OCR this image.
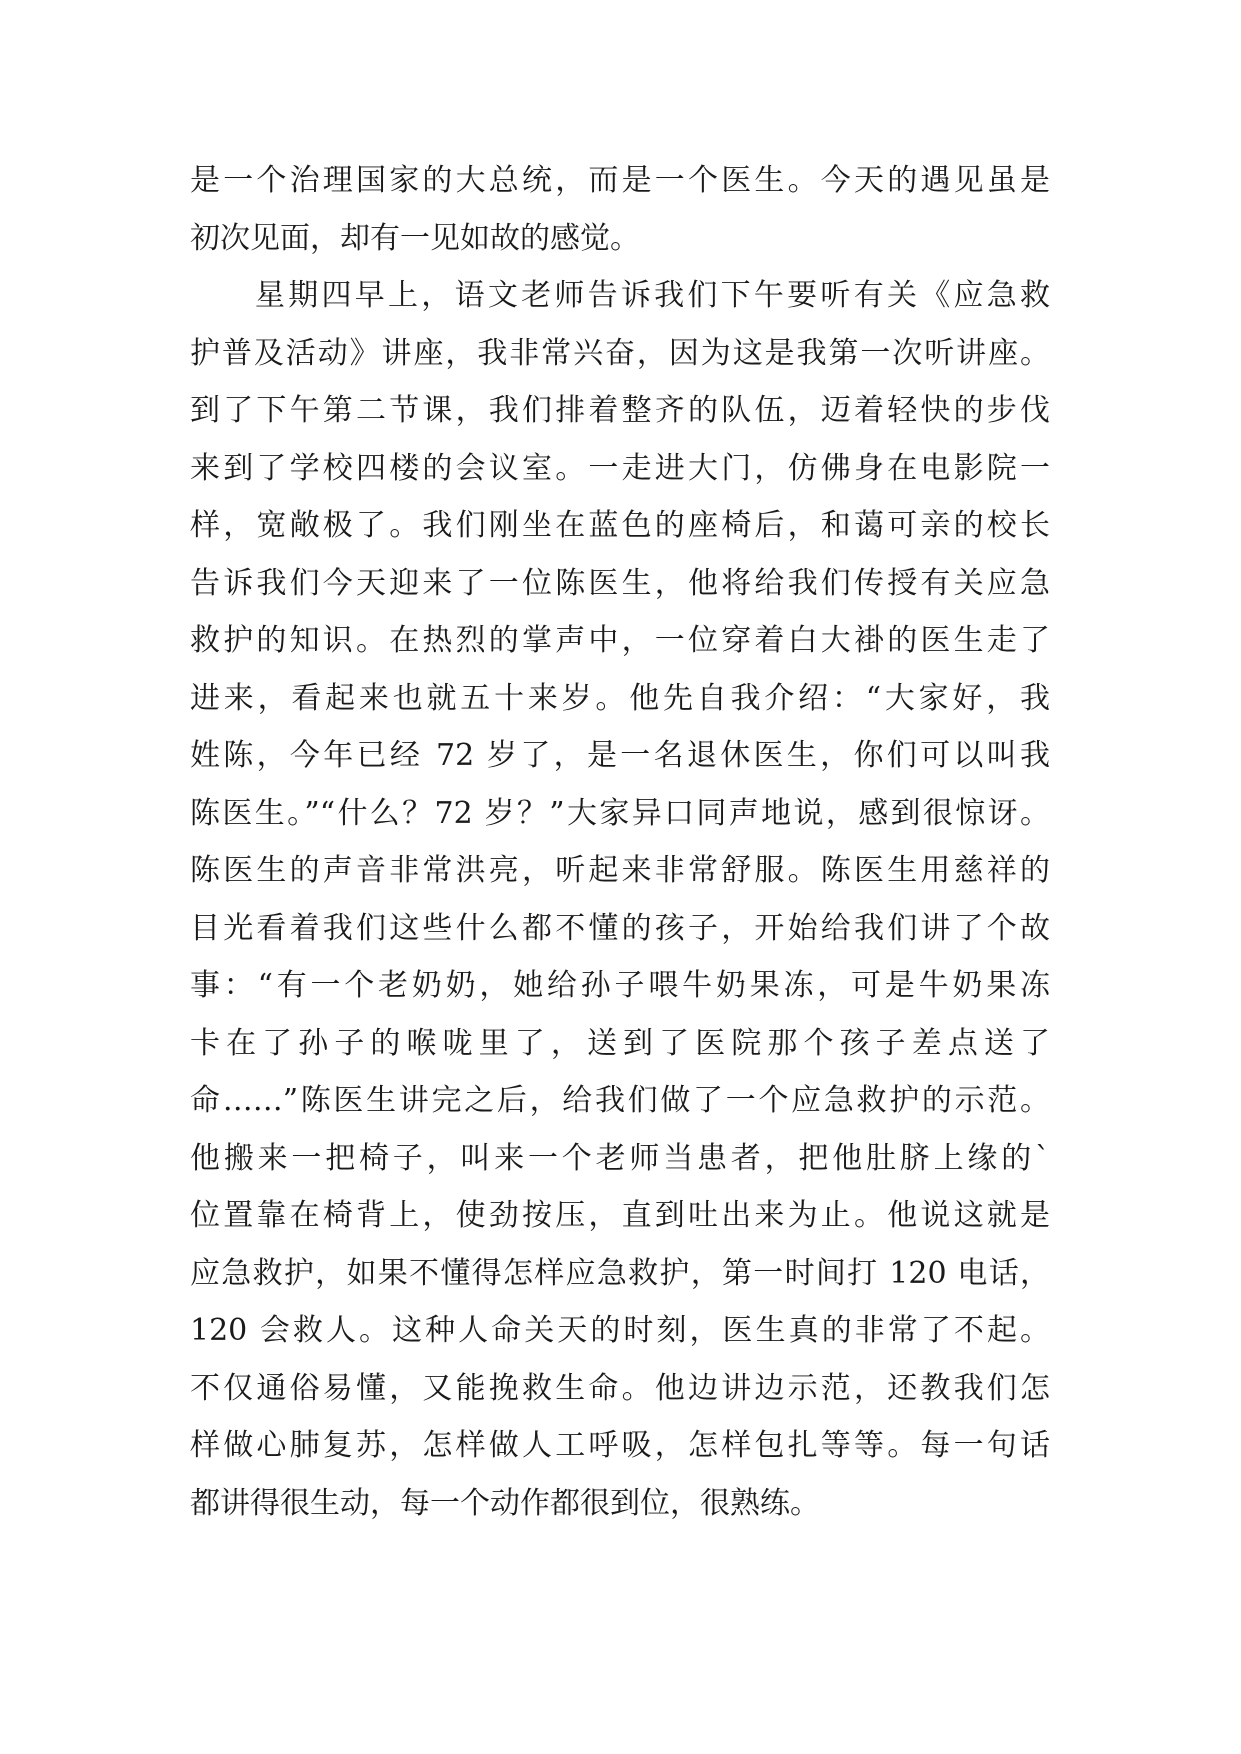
是一个治理国家的大总统，而是一个医生。今天的遇见虽是
初次见面，却有一见如故的感觉。
星期四早上，语文老师告诉我们下午要听有关《应急救
护普及活动》讲座，我非常兴奋，因为这是我第一次听讲座。
到了下午第二节课，我们排着整齐的队伍，迈着轻快的步伐
来到了学校四楼的会议室。一走进大门，仿佛身在电影院一
样，宽敞极了。我们刚坐在蓝色的座椅后，和蔼可亲的校长
告诉我们今天迎来了一位陈医生，他将给我们传授有关应急
救护的知识。在热烈的掌声中，一位穿着白大褂的医生走了
进来，看起来也就五十来岁。他先自我介绍：“大家好，我
姓陈，今年已经 72 岁了，是一名退休医生，你们可以叫我
陈医生。”“什么？72 岁？”大家异口同声地说，感到很惊讶。
陈医生的声音非常洪亮，听起来非常舒服。陈医生用慈祥的
目光看着我们这些什么都不懂的孩子，开始给我们讲了个故
事：“有一个老奶奶，她给孙子喂牛奶果冻，可是牛奶果冻
卡在了孙子的喉咙里了，送到了医院那个孩子差点送了
命……”陈医生讲完之后，给我们做了一个应急救护的示范。
他搬来一把椅子，叫来一个老师当患者，把他肚脐上缘的`
位置靠在椅背上，使劲按压，直到吐出来为止。他说这就是
应急救护，如果不懂得怎样应急救护，第一时间打 120 电话，
120 会救人。这种人命关天的时刻，医生真的非常了不起。
不仅通俗易懂，又能挽救生命。他边讲边示范，还教我们怎
样做心肺复苏，怎样做人工呼吸，怎样包扎等等。每一句话
都讲得很生动，每一个动作都很到位，很熟练。
